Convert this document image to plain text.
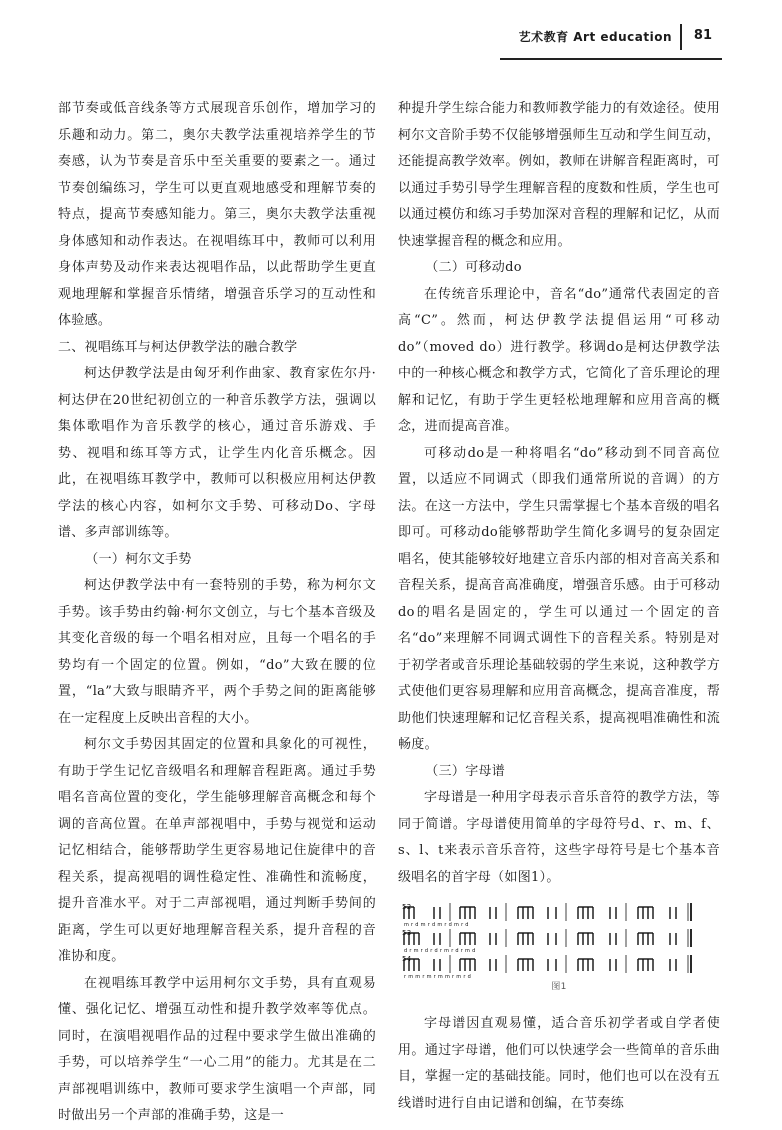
艺术教育 Art education 81

部节奏或低音线条等方式展现音乐创作，增加学习的乐趣和动力。第二，奥尔夫教学法重视培养学生的节奏感，认为节奏是音乐中至关重要的要素之一。通过节奏创编练习，学生可以更直观地感受和理解节奏的特点，提高节奏感知能力。第三，奥尔夫教学法重视身体感知和动作表达。在视唱练耳中，教师可以利用身体声势及动作来表达视唱作品，以此帮助学生更直观地理解和掌握音乐情绪，增强音乐学习的互动性和体验感。

二、视唱练耳与柯达伊教学法的融合教学

柯达伊教学法是由匈牙利作曲家、教育家佐尔丹·柯达伊在20世纪初创立的一种音乐教学方法，强调以集体歌唱作为音乐教学的核心，通过音乐游戏、手势、视唱和练耳等方式，让学生内化音乐概念。因此，在视唱练耳教学中，教师可以积极应用柯达伊教学法的核心内容，如柯尔文手势、可移动Do、字母谱、多声部训练等。

（一）柯尔文手势

柯达伊教学法中有一套特别的手势，称为柯尔文手势。该手势由约翰·柯尔文创立，与七个基本音级及其变化音级的每一个唱名相对应，且每一个唱名的手势均有一个固定的位置。例如，“do”大致在腰的位置，“la”大致与眼睛齐平，两个手势之间的距离能够在一定程度上反映出音程的大小。

柯尔文手势因其固定的位置和具象化的可视性，有助于学生记忆音级唱名和理解音程距离。通过手势唱名音高位置的变化，学生能够理解音高概念和每个调的音高位置。在单声部视唱中，手势与视觉和运动记忆相结合，能够帮助学生更容易地记住旋律中的音程关系，提高视唱的调性稳定性、准确性和流畅度，提升音准水平。对于二声部视唱，通过判断手势间的距离，学生可以更好地理解音程关系，提升音程的音准协和度。

在视唱练耳教学中运用柯尔文手势，具有直观易懂、强化记忆、增强互动性和提升教学效率等优点。同时，在演唱视唱作品的过程中要求学生做出准确的手势，可以培养学生“一心二用”的能力。尤其是在二声部视唱训练中，教师可要求学生演唱一个声部，同时做出另一个声部的准确手势，这是一

种提升学生综合能力和教师教学能力的有效途径。使用柯尔文音阶手势不仅能够增强师生互动和学生间互动，还能提高教学效率。例如，教师在讲解音程距离时，可以通过手势引导学生理解音程的度数和性质，学生也可以通过模仿和练习手势加深对音程的理解和记忆，从而快速掌握音程的概念和应用。

（二）可移动do

在传统音乐理论中，音名“do”通常代表固定的音高“C”。然而，柯达伊教学法提倡运用“可移动do”（moved do）进行教学。移调do是柯达伊教学法中的一种核心概念和教学方式，它简化了音乐理论的理解和记忆，有助于学生更轻松地理解和应用音高的概念，进而提高音准。

可移动do是一种将唱名“do”移动到不同音高位置，以适应不同调式（即我们通常所说的音调）的方法。在这一方法中，学生只需掌握七个基本音级的唱名即可。可移动do能够帮助学生简化多调号的复杂固定唱名，使其能够较好地建立音乐内部的相对音高关系和音程关系，提高音高准确度，增强音乐感。由于可移动do的唱名是固定的，学生可以通过一个固定的音名“do”来理解不同调式调性下的音程关系。特别是对于初学者或音乐理论基础较弱的学生来说，这种教学方式使他们更容易理解和应用音高概念，提高音准度，帮助他们快速理解和记忆音程关系，提高视唱准确性和流畅度。

（三）字母谱

字母谱是一种用字母表示音乐音符的教学方法，等同于简谱。字母谱使用简单的字母符号d、r、m、f、s、l、t来表示音乐音符，这些字母符号是七个基本音级唱名的首字母（如图1）。

52
m r d m r d m r d m r d
53
d r m r d r d r m r d r m d
54
r m m r m r m m r m r d
图1

字母谱因直观易懂，适合音乐初学者或自学者使用。通过字母谱，他们可以快速学会一些简单的音乐曲目，掌握一定的基础技能。同时，他们也可以在没有五线谱时进行自由记谱和创编，在节奏练
